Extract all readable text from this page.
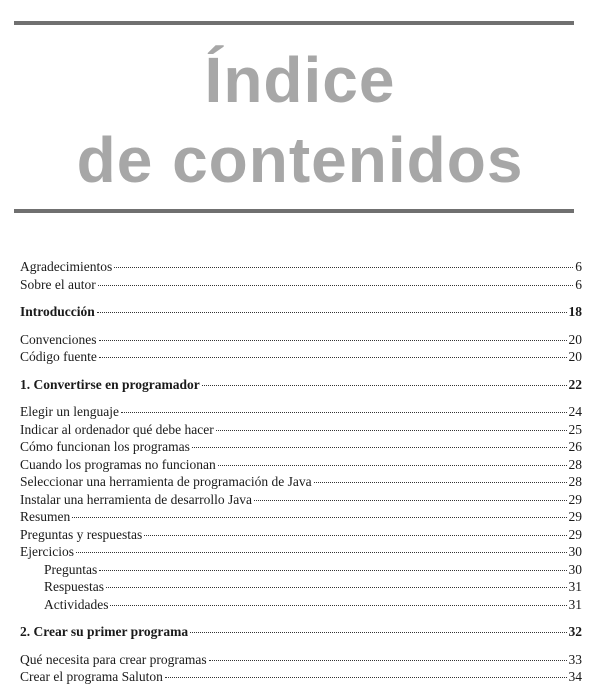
Índice
de contenidos
Agradecimientos	6
Sobre el autor	6
Introducción	18
Convenciones	20
Código fuente	20
1. Convertirse en programador	22
Elegir un lenguaje	24
Indicar al ordenador qué debe hacer	25
Cómo funcionan los programas	26
Cuando los programas no funcionan	28
Seleccionar una herramienta de programación de Java	28
Instalar una herramienta de desarrollo Java	29
Resumen	29
Preguntas y respuestas	29
Ejercicios	30
Preguntas	30
Respuestas	31
Actividades	31
2. Crear su primer programa	32
Qué necesita para crear programas	33
Crear el programa Saluton	34
